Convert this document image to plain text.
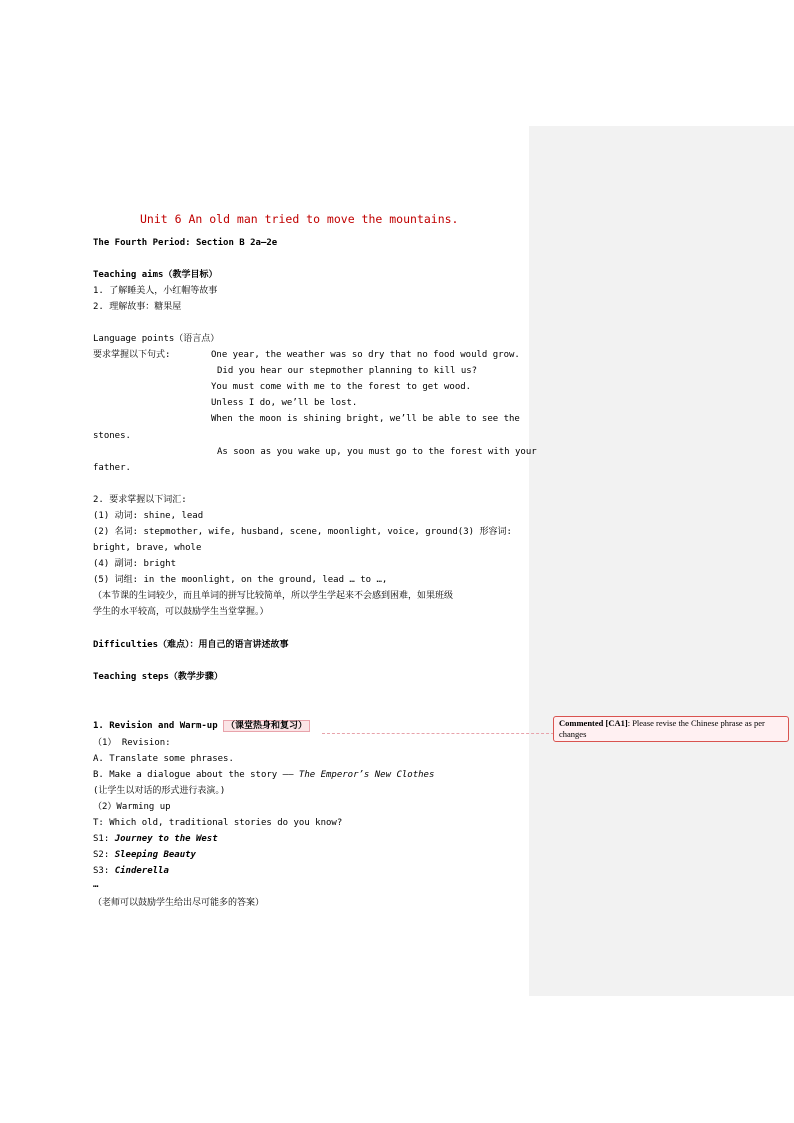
Unit 6 An old man tried to move the mountains.
The Fourth Period: Section B 2a—2e
Teaching aims（教学目标）
1. 了解睡美人，小红帽等故事
2. 理解故事：糖果屋
Language points（语言点）
要求掌握以下句式:	One year, the weather was so dry that no food would grow.
Did you hear our stepmother planning to kill us?
You must come with me to the forest to get wood.
Unless I do, we’ll be lost.
When the moon is shining bright, we’ll be able to see the
stones.
As soon as you wake up, you must go to the forest with your
father.
2. 要求掌握以下词汇:
(1) 动词: shine, lead
(2) 名词: stepmother, wife, husband, scene, moonlight, voice, ground(3) 形容词:
bright, brave, whole
(4) 副词: bright
(5) 词组: in the moonlight, on the ground, lead … to …,
（本节课的生词较少，而且单词的拼写比较简单，所以学生学起来不会感到困难，如果班级
学生的水平较高，可以鼓励学生当堂掌握。）
Difficulties（难点）：用自己的语言讲述故事
Teaching steps（教学步骤）
1. Revision and Warm-up （课堂热身和复习）
（1） Revision:
A. Translate some phrases.
B. Make a dialogue about the story —— The Emperor’s New Clothes
(让学生以对话的形式进行表演。)
（2）Warming up
T: Which old, traditional stories do you know?
S1: Journey to the West
S2: Sleeping Beauty
S3: Cinderella
…
（老师可以鼓励学生给出尽可能多的答案）
Commented [CA1]: Please revise the Chinese phrase as per changes
